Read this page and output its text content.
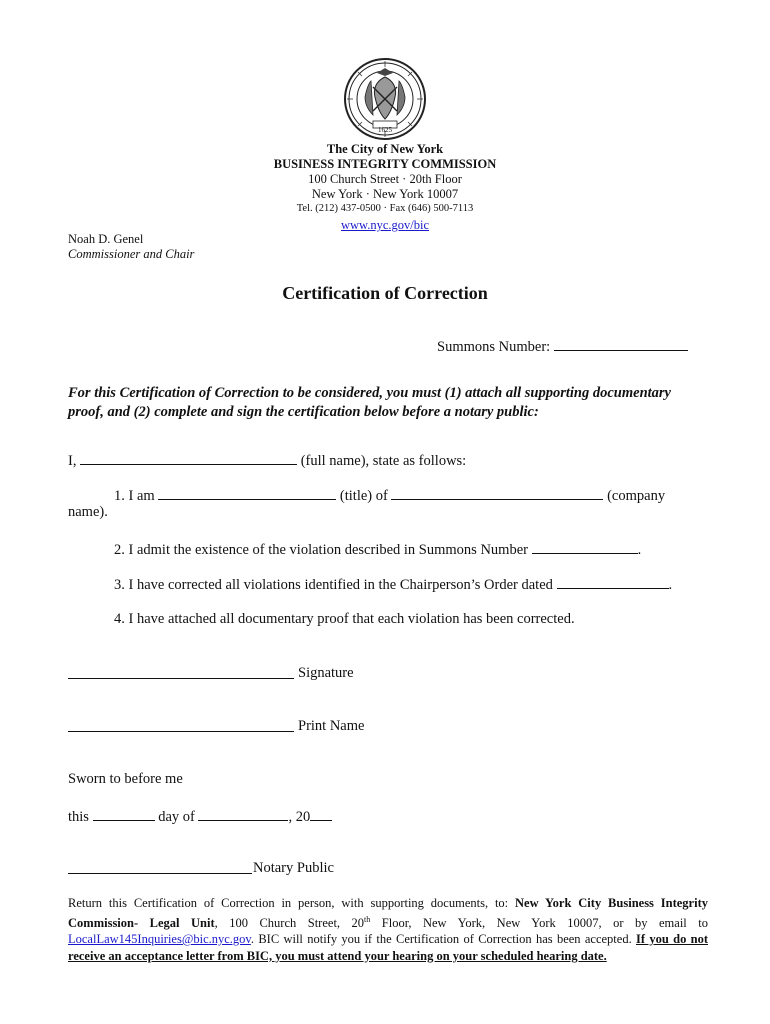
1625
The City of New York
BUSINESS INTEGRITY COMMISSION
100 Church Street · 20th Floor
New York · New York 10007
Tel. (212) 437-0500 · Fax (646) 500-7113
www.nyc.gov/bic
Noah D. Genel
Commissioner and Chair
Certification of Correction
Summons Number:
For this Certification of Correction to be considered, you must (1) attach all supporting documentary proof, and (2) complete and sign the certification below before a notary public:
I,	(full name), state as follows:
1. I am	(title) of	(company
name).
2. I admit the existence of the violation described in Summons Number	.
3. I have corrected all violations identified in the Chairperson’s Order dated	.
4. I have attached all documentary proof that each violation has been corrected.
Signature
Print Name
Sworn to before me
this	day of	, 20
Notary Public
Return this Certification of Correction in person, with supporting documents, to: New York City Business Integrity Commission- Legal Unit, 100 Church Street, 20th Floor, New York, New York 10007, or by email to LocalLaw145Inquiries@bic.nyc.gov. BIC will notify you if the Certification of Correction has been accepted. If you do not receive an acceptance letter from BIC, you must attend your hearing on your scheduled hearing date.
